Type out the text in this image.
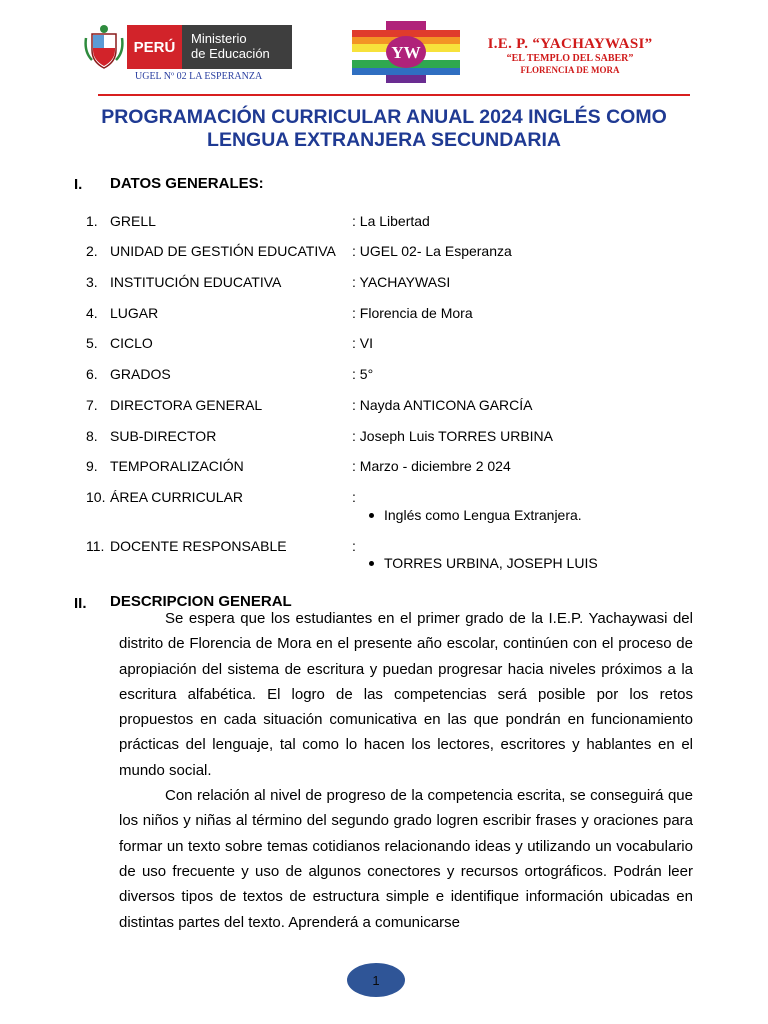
PERÚ Ministerio
de Educación
UGEL Nº 02 LA ESPERANZA
YW	I.E. P. “YACHAYWASI”
“EL TEMPLO DEL SABER”
FLORENCIA DE MORA
PROGRAMACIÓN CURRICULAR ANUAL 2024 INGLÉS COMO
LENGUA EXTRANJERA SECUNDARIA
I. DATOS GENERALES:
1. GRELL	: La Libertad
2. UNIDAD DE GESTIÓN EDUCATIVA : UGEL 02- La Esperanza
3. INSTITUCIÓN EDUCATIVA	: YACHAYWASI
4. LUGAR	: Florencia de Mora
5. CICLO	: VI
6. GRADOS	: 5°
7. DIRECTORA GENERAL	: Nayda ANTICONA GARCÍA
8. SUB-DIRECTOR	: Joseph Luis TORRES URBINA
9. TEMPORALIZACIÓN	: Marzo - diciembre 2 024
10. ÁREA CURRICULAR	:
Inglés como Lengua Extranjera.
11. DOCENTE RESPONSABLE	:
TORRES URBINA, JOSEPH LUIS
II. DESCRIPCION GENERAL

Se espera que los estudiantes en el primer grado de la I.E.P. Yachaywasi del distrito de Florencia de Mora en el presente año escolar, continúen con el proceso de apropiación del sistema de escritura y puedan progresar hacia niveles próximos a la escritura alfabética. El logro de las competencias será posible por los retos propuestos en cada situación comunicativa en las que pondrán en funcionamiento prácticas del lenguaje, tal como lo hacen los lectores, escritores y hablantes en el mundo social.

Con relación al nivel de progreso de la competencia escrita, se conseguirá que los niños y niñas al término del segundo grado logren escribir frases y oraciones para formar un texto sobre temas cotidianos relacionando ideas y utilizando un vocabulario de uso frecuente y uso de algunos conectores y recursos ortográficos. Podrán leer diversos tipos de textos de estructura simple e identifique información ubicadas en distintas partes del texto. Aprenderá a comunicarse

1
